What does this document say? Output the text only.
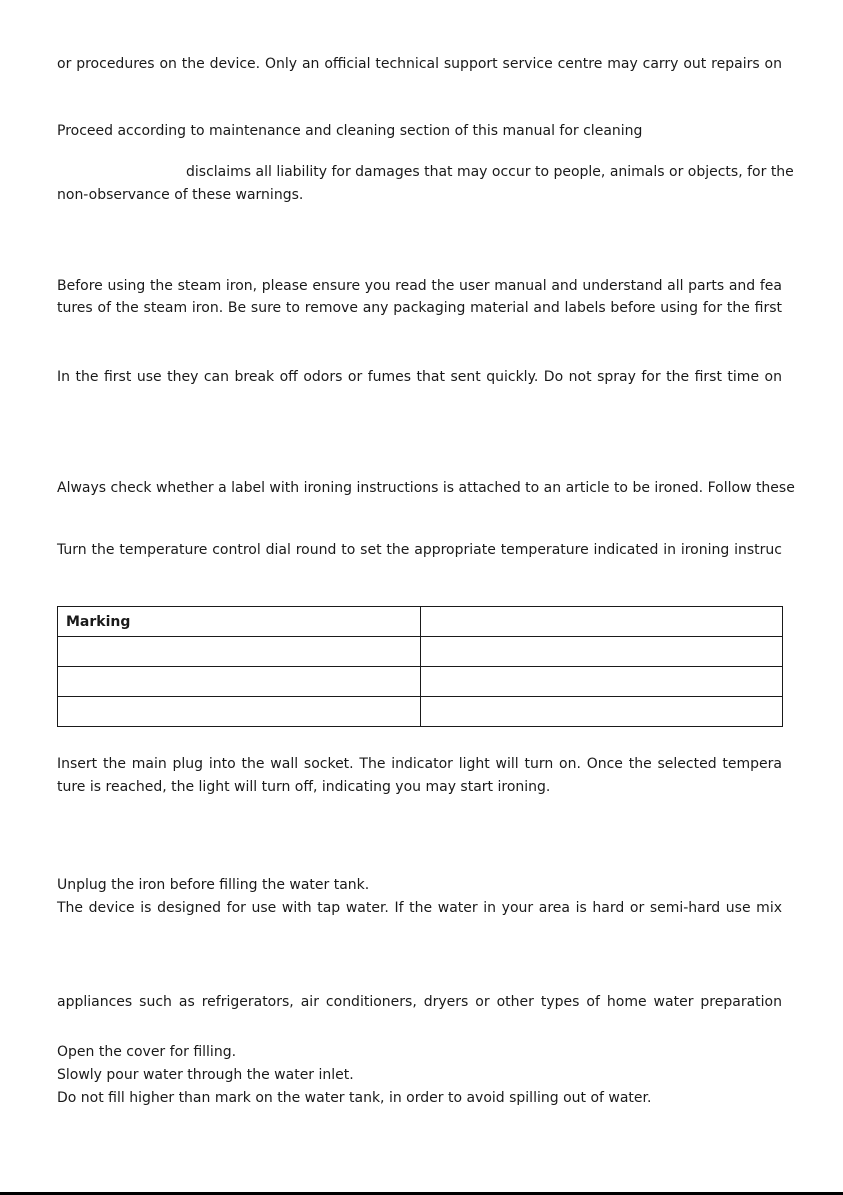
or procedures on the device. Only an official technical support service centre may carry out repairs on
Proceed according to maintenance and cleaning section of this manual for cleaning
disclaims all liability for damages that may occur to people, animals or objects, for the
non-observance of these warnings.
Before using the steam iron, please ensure you read the user manual and understand all parts and fea
tures of the steam iron. Be sure to remove any packaging material and labels before using for the first
In the first use they can break off odors or fumes that sent quickly. Do not spray for the first time on
Always check whether a label with ironing instructions is attached to an article to be ironed. Follow these
Turn the temperature control dial round to set the appropriate temperature indicated in ironing instruc
Marking	

Insert the main plug into the wall socket. The indicator light will turn on. Once the selected tempera
ture is reached, the light will turn off, indicating you may start ironing.
Unplug the iron before filling the water tank.
The device is designed for use with tap water. If the water in your area is hard or semi-hard use mix
appliances such as refrigerators, air conditioners, dryers or other types of home water preparation
Open the cover for filling.
Slowly pour water through the water inlet.
Do not fill higher than mark on the water tank, in order to avoid spilling out of water.
